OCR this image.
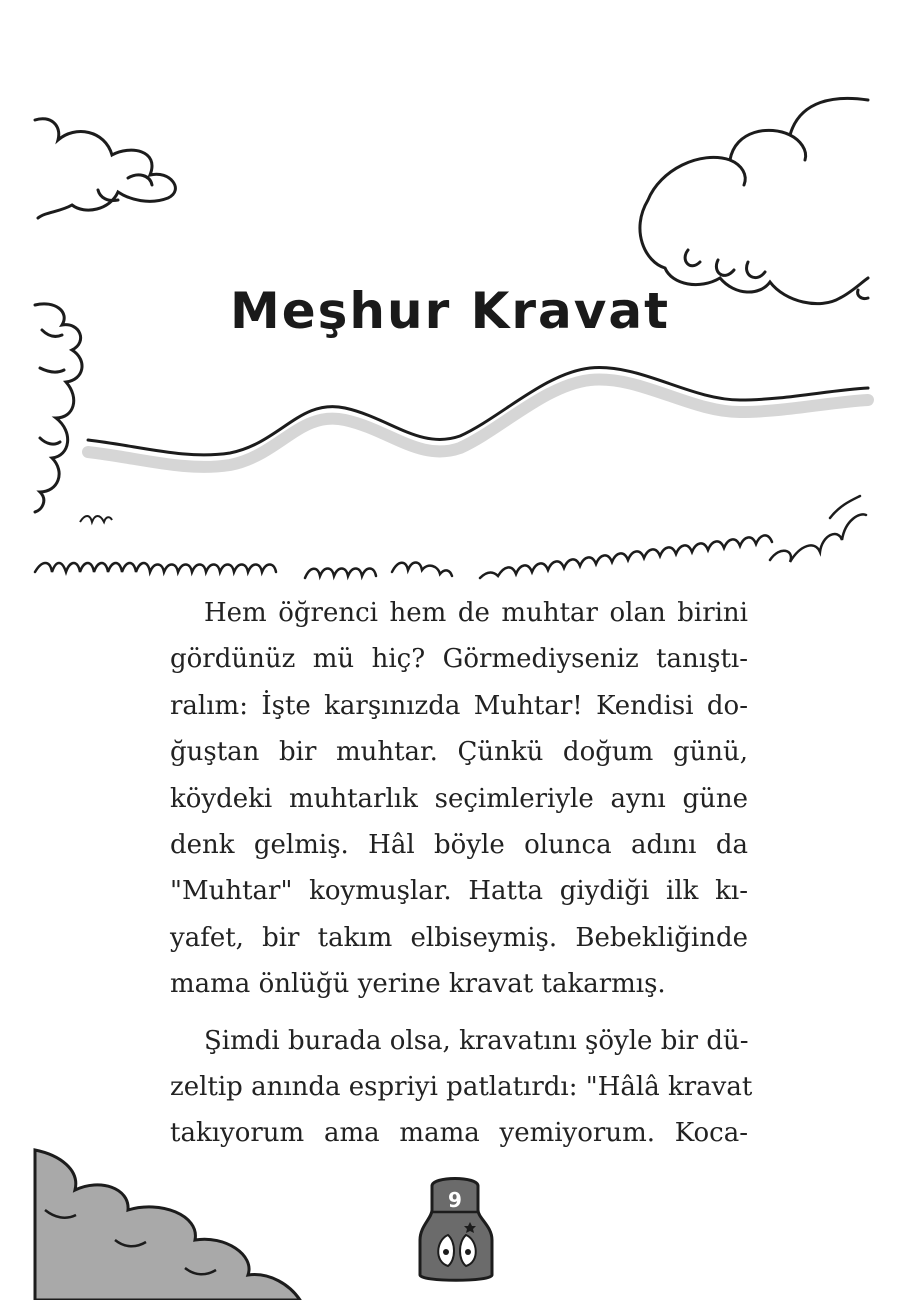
Meşhur Kravat
Hem öğrenci hem de muhtar olan birini
gördünüz mü hiç? Görmediyseniz tanıştı-
ralım: İşte karşınızda Muhtar! Kendisi do-
ğuştan bir muhtar. Çünkü doğum günü,
köydeki muhtarlık seçimleriyle aynı güne
denk gelmiş. Hâl böyle olunca adını da
"Muhtar" koymuşlar. Hatta giydiği ilk kı-
yafet, bir takım elbiseymiş. Bebekliğinde
mama önlüğü yerine kravat takarmış.
Şimdi burada olsa, kravatını şöyle bir dü-
zeltip anında espriyi patlatırdı: "Hâlâ kravat
takıyorum ama mama yemiyorum. Koca-
9
